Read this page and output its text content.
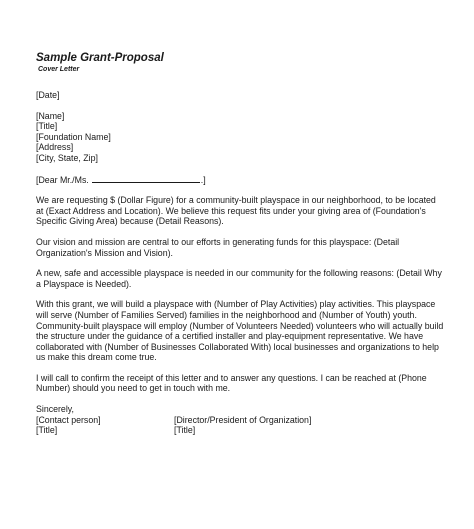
Sample Grant-Proposal
Cover Letter
[Date]
[Name]
[Title]
[Foundation Name]
[Address]
[City, State, Zip]
[Dear Mr./Ms.	.]
We are requesting $ (Dollar Figure) for a community-built playspace in our neighborhood, to be located at (Exact Address and Location). We believe this request fits under your giving area of (Foundation's Specific Giving Area) because (Detail Reasons).
Our vision and mission are central to our efforts in generating funds for this playspace: (Detail Organization's Mission and Vision).
A new, safe and accessible playspace is needed in our community for the following reasons: (Detail Why a Playspace is Needed).
With this grant, we will build a playspace with (Number of Play Activities) play activities. This playspace will serve (Number of Families Served) families in the neighborhood and (Number of Youth) youth. Community-built playspace will employ (Number of Volunteers Needed) volunteers who will actually build the structure under the guidance of a certified installer and play-equipment representative. We have collaborated with (Number of Businesses Collaborated With) local businesses and organizations to help us make this dream come true.
I will call to confirm the receipt of this letter and to answer any questions. I can be reached at (Phone Number) should you need to get in touch with me.
Sincerely,
[Contact person]	[Director/President of Organization]
[Title]	[Title]
